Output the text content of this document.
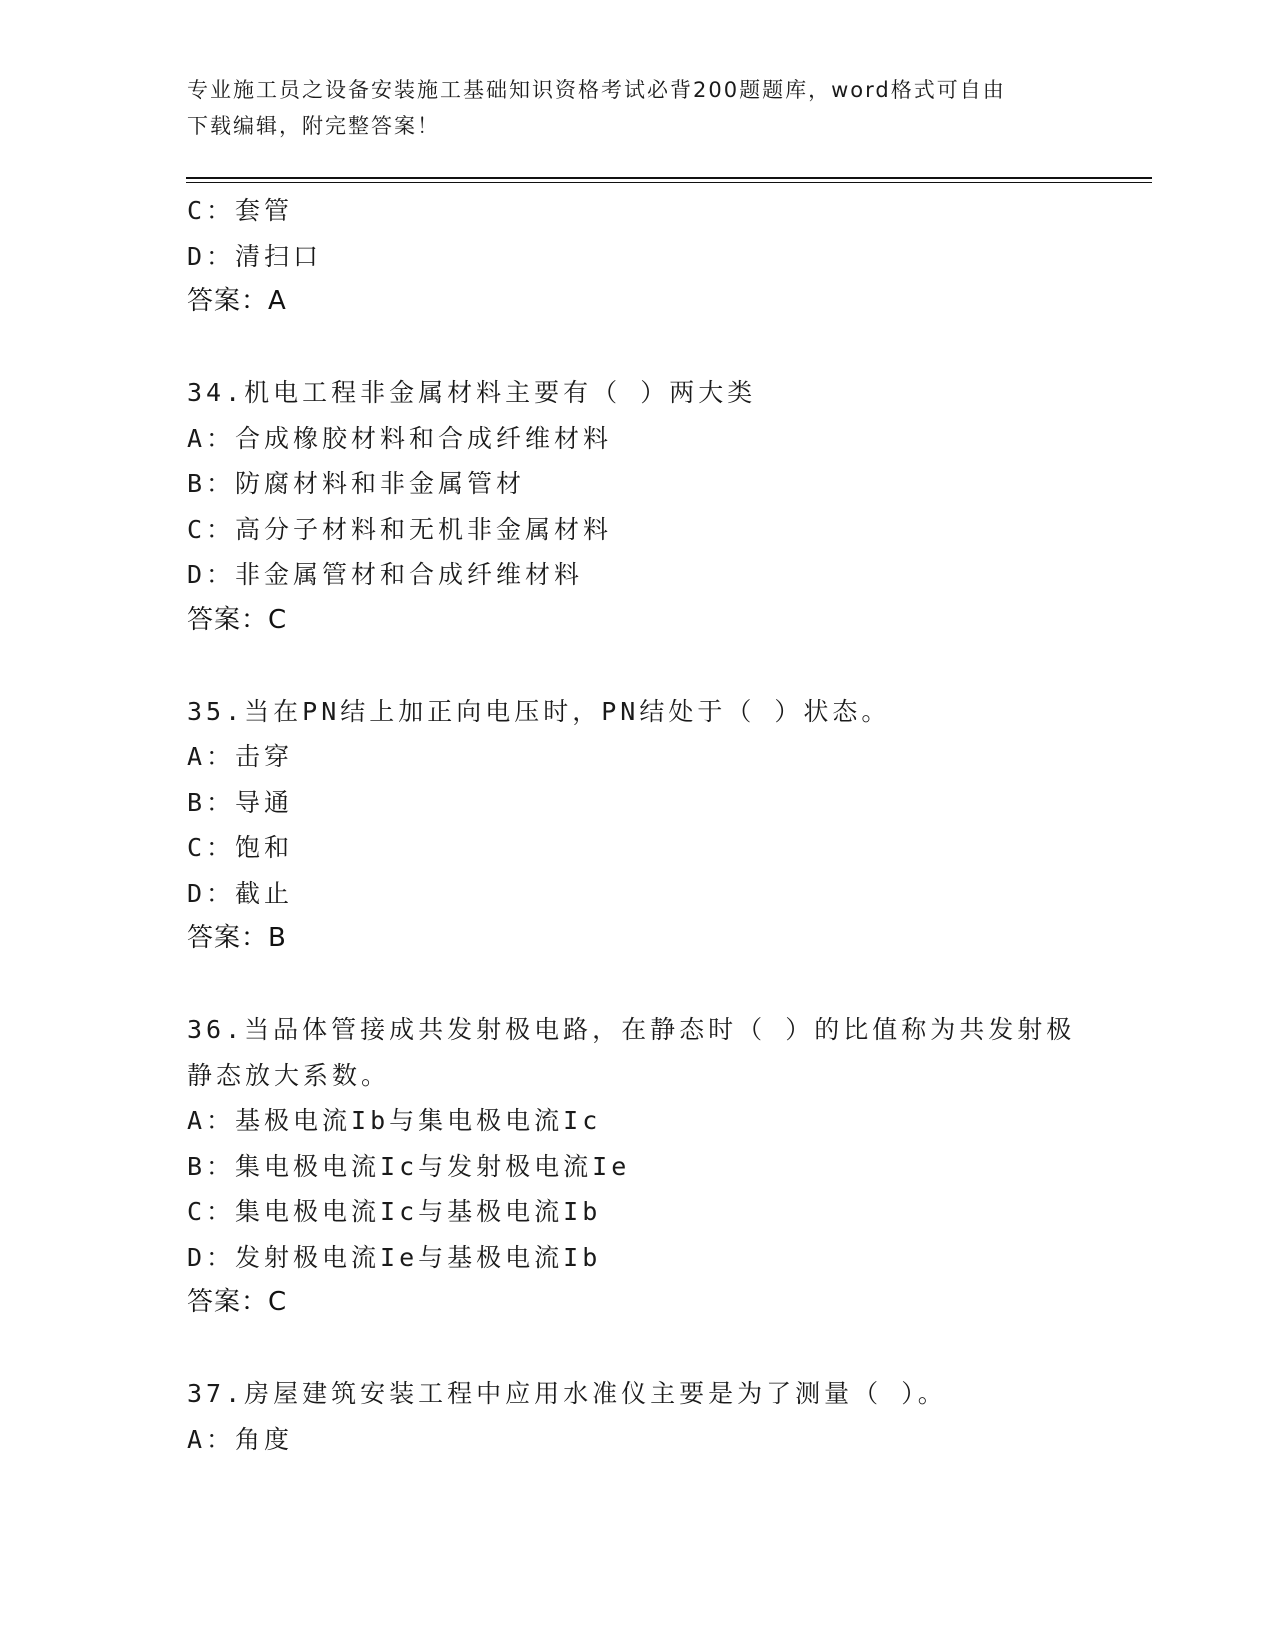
专业施工员之设备安装施工基础知识资格考试必背200题题库，word格式可自由
下载编辑，附完整答案！
C：套管
D：清扫口
答案：A
34.机电工程非金属材料主要有（ ）两大类
A：合成橡胶材料和合成纤维材料
B：防腐材料和非金属管材
C：高分子材料和无机非金属材料
D：非金属管材和合成纤维材料
答案：C
35.当在PN结上加正向电压时，PN结处于（ ）状态。
A：击穿
B：导通
C：饱和
D：截止
答案：B
36.当品体管接成共发射极电路，在静态时（ ）的比值称为共发射极
静态放大系数。
A：基极电流Ib与集电极电流Ic
B：集电极电流Ic与发射极电流Ie
C：集电极电流Ic与基极电流Ib
D：发射极电流Ie与基极电流Ib
答案：C
37.房屋建筑安装工程中应用水准仪主要是为了测量（ ）。
A：角度
